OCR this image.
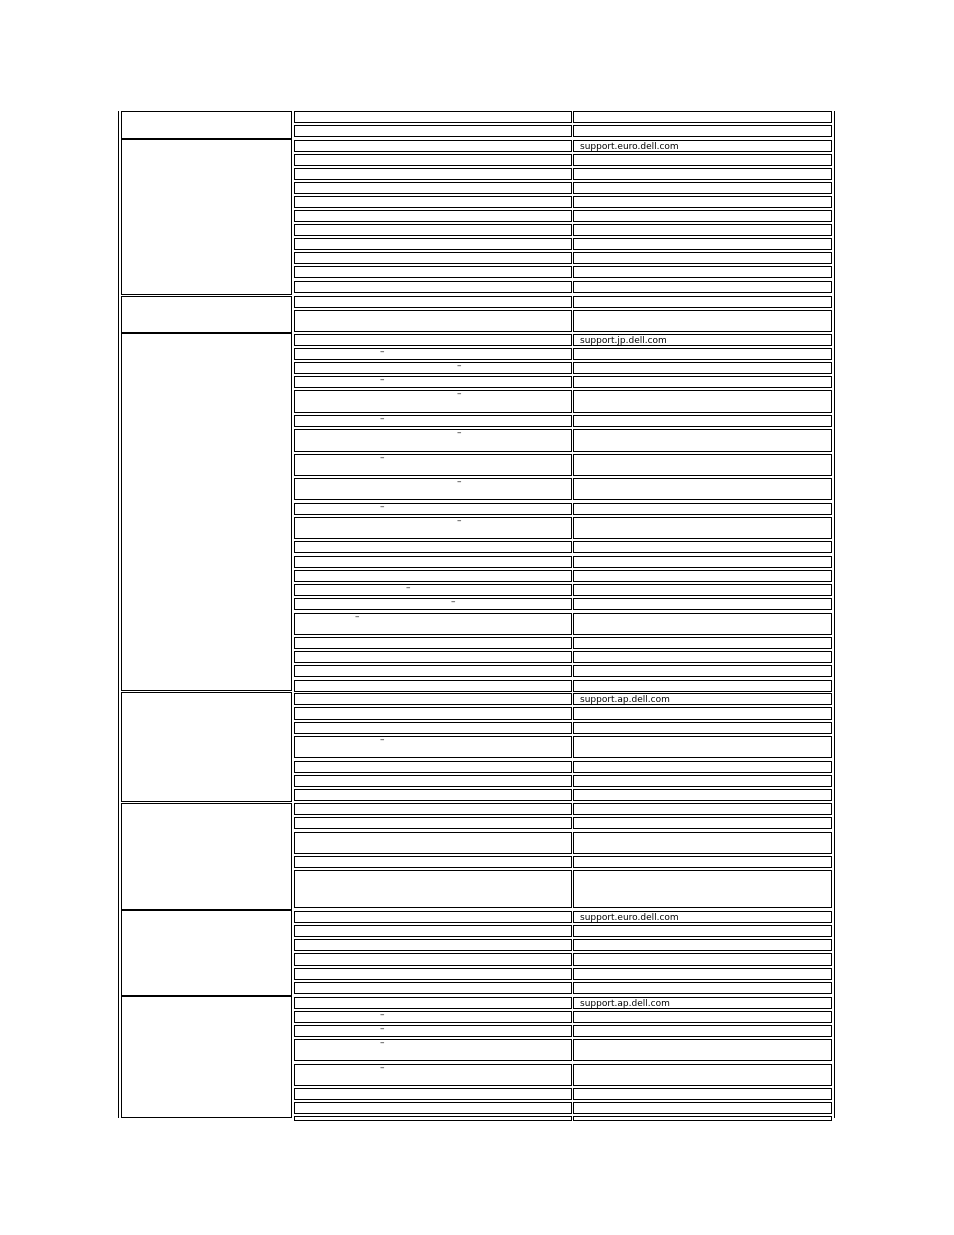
support.euro.dell.com
support.jp.dell.com
–
–
–
–
–
–
–
–
–
–
–
–
–
support.ap.dell.com
–
support.euro.dell.com
support.ap.dell.com
–
–
–
–
